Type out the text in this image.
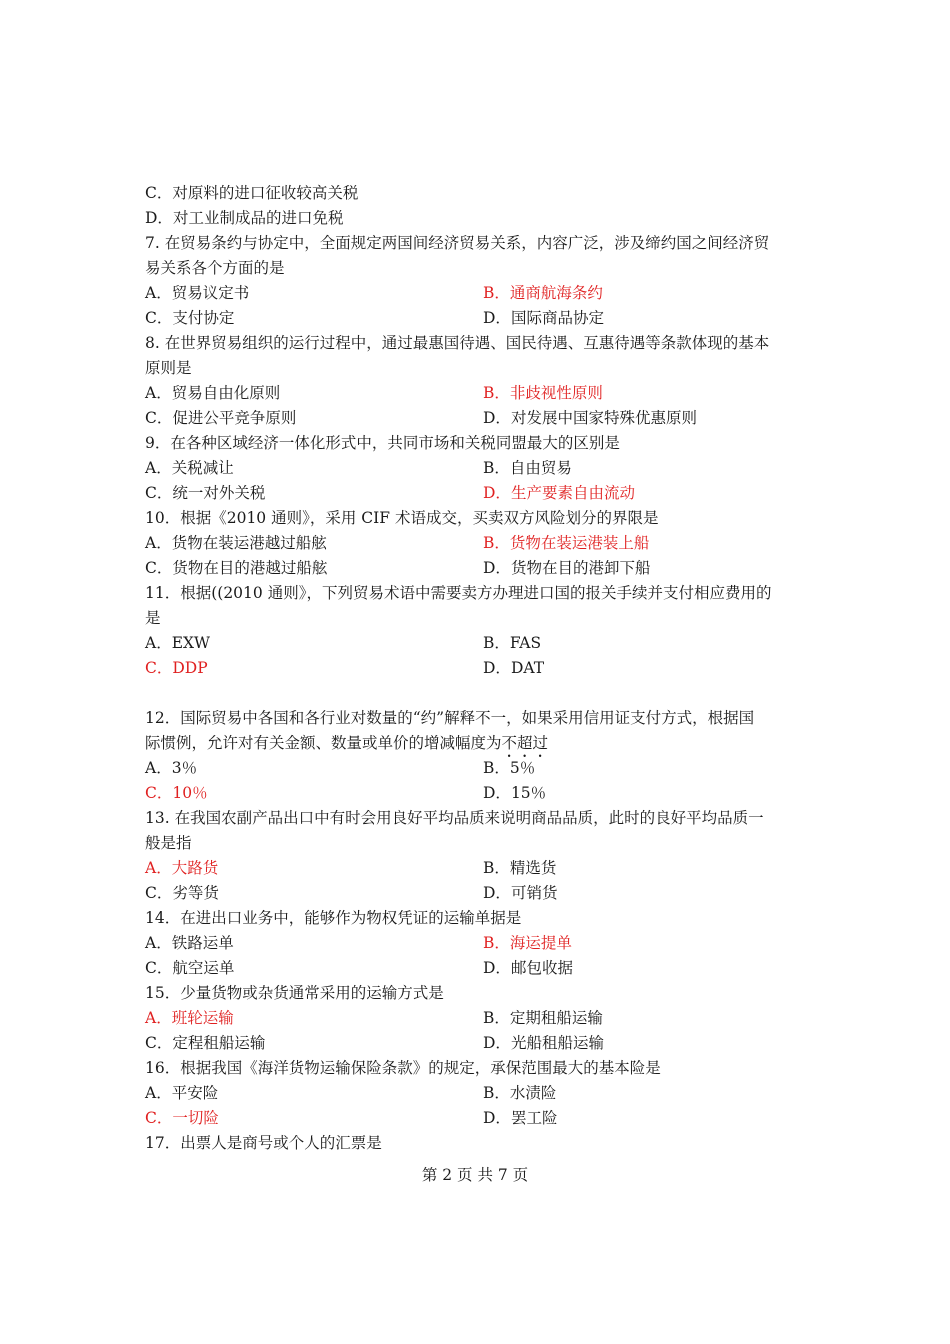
C． 对原料的进口征收较高关税
D． 对工业制成品的进口免税
7. 在贸易条约与协定中，全面规定两国间经济贸易关系，内容广泛，涉及缔约国之间经济贸
易关系各个方面的是
A． 贸易议定书	B． 通商航海条约
C． 支付协定	D． 国际商品协定
8. 在世界贸易组织的运行过程中，通过最惠国待遇、国民待遇、互惠待遇等条款体现的基本
原则是
A． 贸易自由化原则	B． 非歧视性原则
C． 促进公平竞争原则	D． 对发展中国家特殊优惠原则
9．在各种区域经济一体化形式中，共同市场和关税同盟最大的区别是
A． 关税减让	B． 自由贸易
C． 统一对外关税	D． 生产要素自由流动
10．根据《2010 通则》，采用 CIF 术语成交，买卖双方风险划分的界限是
A． 货物在装运港越过船舷	B． 货物在装运港装上船
C． 货物在目的港越过船舷	D． 货物在目的港卸下船
11．根据((2010 通则》，下列贸易术语中需要卖方办理进口国的报关手续并支付相应费用的
是
A． EXW	B． FAS
C． DDP	D． DAT
12．国际贸易中各国和各行业对数量的“约”解释不一，如果采用信用证支付方式，根据国
际惯例，允许对有关金额、数量或单价的增减幅度为不超过
A． 3％	B． 5％
C． 10％	D． 15％
13. 在我国农副产品出口中有时会用良好平均品质来说明商品品质，此时的良好平均品质一
般是指
A． 大路货	B． 精选货
C． 劣等货	D． 可销货
14．在进出口业务中，能够作为物权凭证的运输单据是
A． 铁路运单	B． 海运提单
C． 航空运单	D． 邮包收据
15．少量货物或杂货通常采用的运输方式是
A． 班轮运输	B． 定期租船运输
C． 定程租船运输	D． 光船租船运输
16．根据我国《海洋货物运输保险条款》的规定，承保范围最大的基本险是
A． 平安险	B． 水渍险
C． 一切险	D． 罢工险
17．出票人是商号或个人的汇票是
第 2 页 共 7 页
